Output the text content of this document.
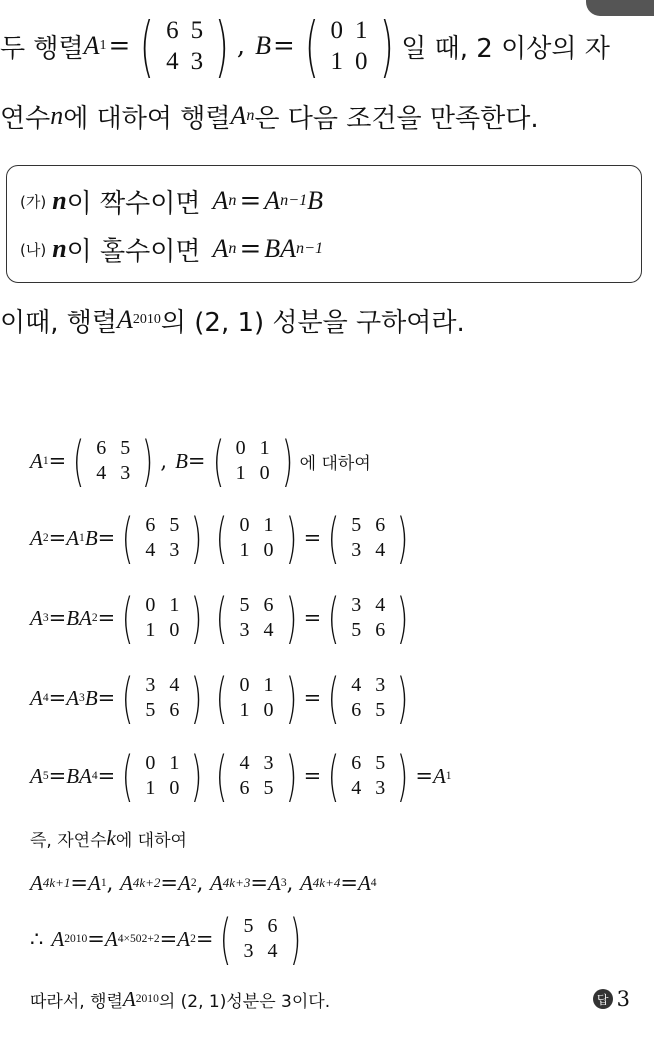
두 행렬 A 1 = ( 6	5
4	3 ) , B = ( 0	1
1	0 ) 일 때, 2 이상의 자
연수 n 에 대하여 행렬 A n 은 다음 조건을 만족한다.
(가) n 이 짝수이면 A n = A n−1 B
(나) n 이 홀수이면 A n = BA n−1
이때, 행렬 A 2010 의 (2, 1) 성분을 구하여라.
A 1 = ( 6	5
4	3 ) , B = ( 0	1
1	0 ) 에 대하여
A 2 = A 1 B = ( 6	5
4	3 ) ( 0	1
1	0 ) = ( 5	6
3	4 )
A 3 = BA 2 = ( 0	1
1	0 ) ( 5	6
3	4 ) = ( 3	4
5	6 )
A 4 = A 3 B = ( 3	4
5	6 ) ( 0	1
1	0 ) = ( 4	3
6	5 )
A 5 = BA 4 = ( 0	1
1	0 ) ( 4	3
6	5 ) = ( 6	5
4	3 ) = A 1
즉, 자연수 k 에 대하여
A 4k+1 = A 1 , A 4k+2 = A 2 , A 4k+3 = A 3 , A 4k+4 = A 4
∴ A 2010 = A 4×502+2 = A 2 = ( 5	6
3	4 )
따라서, 행렬 A 2010 의 (2, 1)성분은 3이다.	답 3
